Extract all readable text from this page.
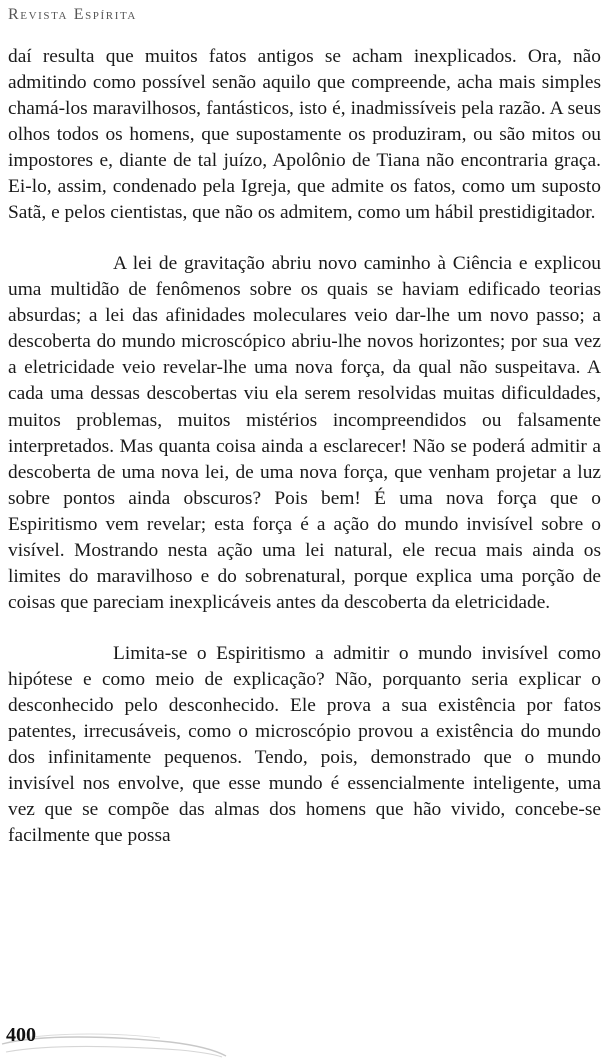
Revista Espírita

daí resulta que muitos fatos antigos se acham inexplicados. Ora, não admitindo como possível senão aquilo que compreende, acha mais simples chamá-los maravilhosos, fantásticos, isto é, inadmissíveis pela razão. A seus olhos todos os homens, que supostamente os produziram, ou são mitos ou impostores e, diante de tal juízo, Apolônio de Tiana não encontraria graça. Ei-lo, assim, condenado pela Igreja, que admite os fatos, como um suposto Satã, e pelos cientistas, que não os admitem, como um hábil prestidigitador.

A lei de gravitação abriu novo caminho à Ciência e explicou uma multidão de fenômenos sobre os quais se haviam edificado teorias absurdas; a lei das afinidades moleculares veio dar-lhe um novo passo; a descoberta do mundo microscópico abriu-lhe novos horizontes; por sua vez a eletricidade veio revelar-lhe uma nova força, da qual não suspeitava. A cada uma dessas descobertas viu ela serem resolvidas muitas dificuldades, muitos problemas, muitos mistérios incompreendidos ou falsamente interpretados. Mas quanta coisa ainda a esclarecer! Não se poderá admitir a descoberta de uma nova lei, de uma nova força, que venham projetar a luz sobre pontos ainda obscuros? Pois bem! É uma nova força que o Espiritismo vem revelar; esta força é a ação do mundo invisível sobre o visível. Mostrando nesta ação uma lei natural, ele recua mais ainda os limites do maravilhoso e do sobrenatural, porque explica uma porção de coisas que pareciam inexplicáveis antes da descoberta da eletricidade.

Limita-se o Espiritismo a admitir o mundo invisível como hipótese e como meio de explicação? Não, porquanto seria explicar o desconhecido pelo desconhecido. Ele prova a sua existência por fatos patentes, irrecusáveis, como o microscópio provou a existência do mundo dos infinitamente pequenos. Tendo, pois, demonstrado que o mundo invisível nos envolve, que esse mundo é essencialmente inteligente, uma vez que se compõe das almas dos homens que hão vivido, concebe-se facilmente que possa

400
